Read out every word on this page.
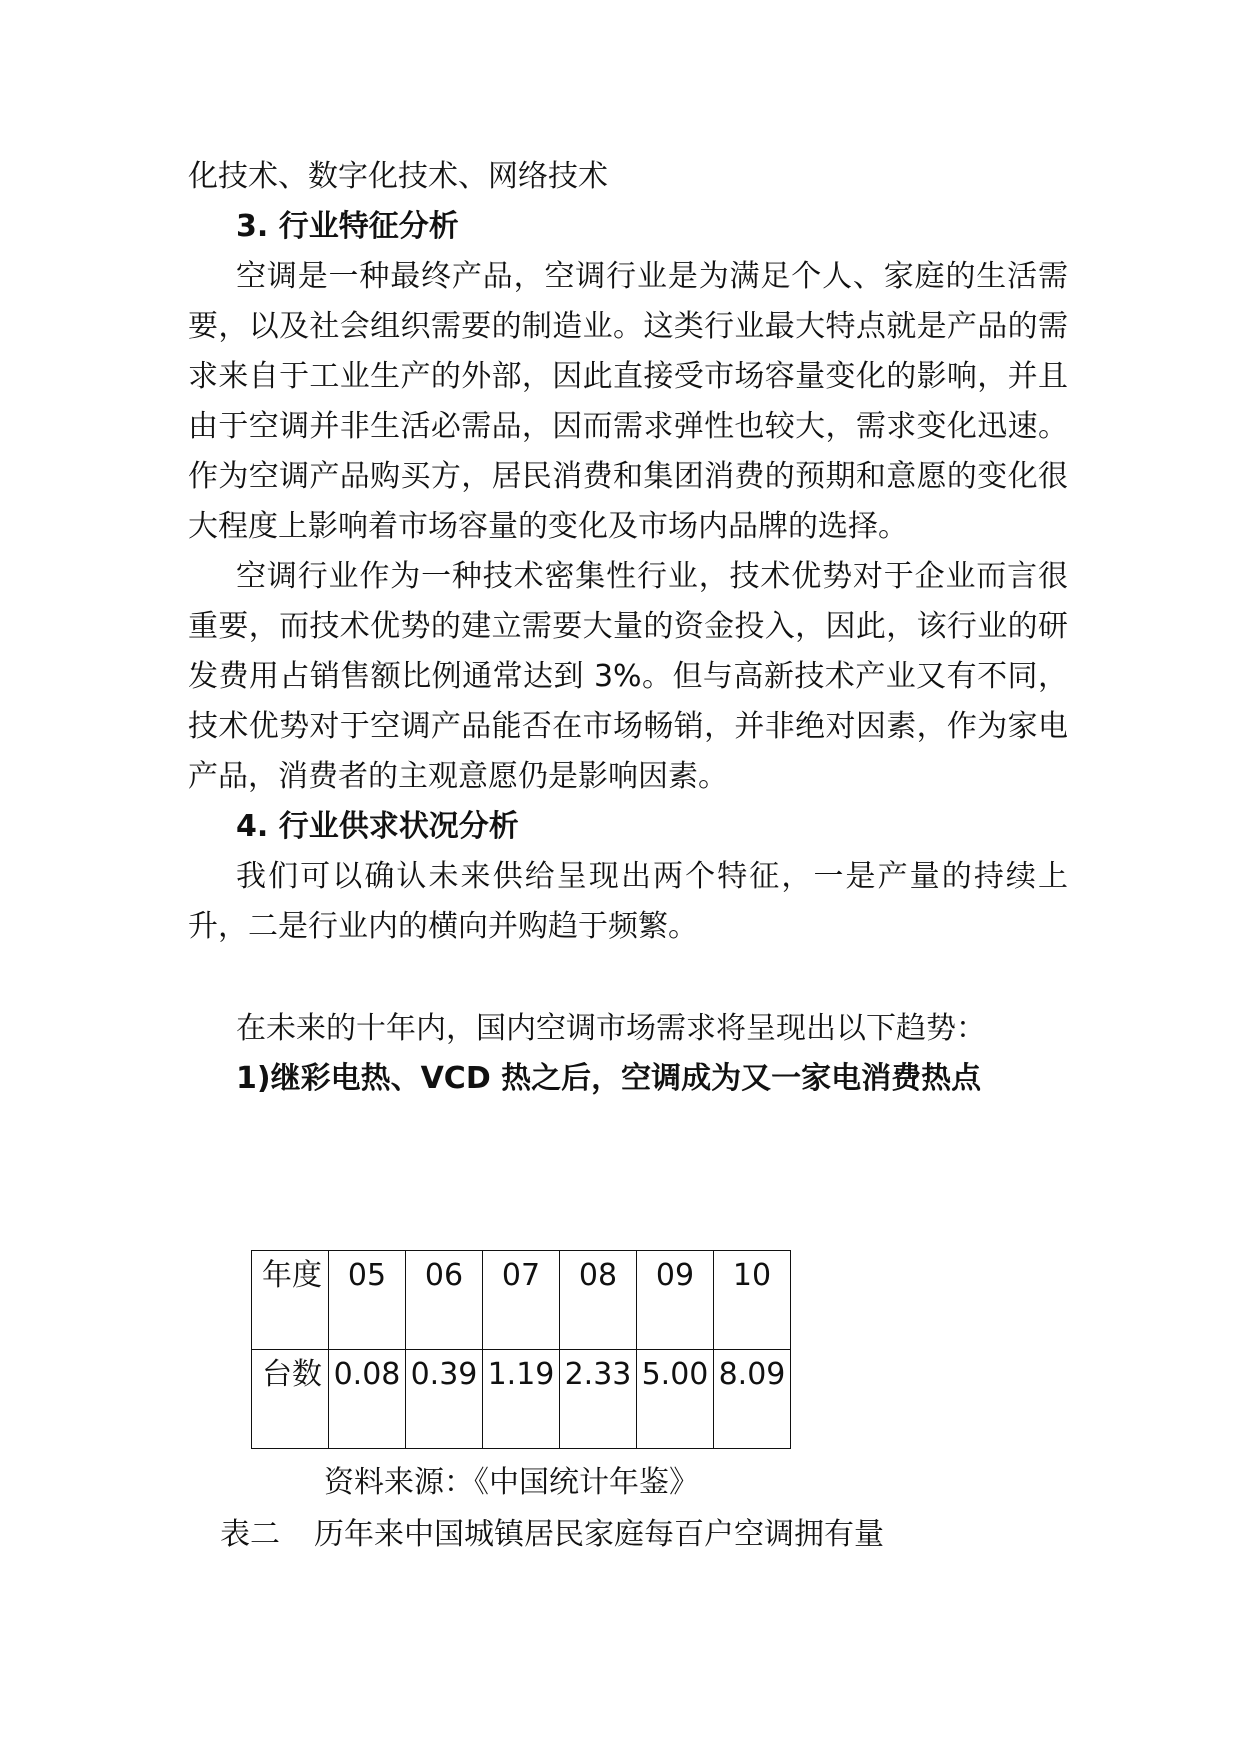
化技术、数字化技术、网络技术

3. 行业特征分析

空调是一种最终产品，空调行业是为满足个人、家庭的生活需要，以及社会组织需要的制造业。这类行业最大特点就是产品的需求来自于工业生产的外部，因此直接受市场容量变化的影响，并且由于空调并非生活必需品，因而需求弹性也较大，需求变化迅速。作为空调产品购买方，居民消费和集团消费的预期和意愿的变化很大程度上影响着市场容量的变化及市场内品牌的选择。

空调行业作为一种技术密集性行业，技术优势对于企业而言很重要，而技术优势的建立需要大量的资金投入，因此，该行业的研发费用占销售额比例通常达到 3%。但与高新技术产业又有不同，技术优势对于空调产品能否在市场畅销，并非绝对因素，作为家电产品，消费者的主观意愿仍是影响因素。

4. 行业供求状况分析

我们可以确认未来供给呈现出两个特征，一是产量的持续上升，二是行业内的横向并购趋于频繁。

在未来的十年内，国内空调市场需求将呈现出以下趋势：

1)继彩电热、VCD 热之后，空调成为又一家电消费热点

年度	05	06	07	08	09	10
台数	0.08	0.39	1.19	2.33	5.00	8.09
资料来源：《中国统计年鉴》
表二 历年来中国城镇居民家庭每百户空调拥有量
